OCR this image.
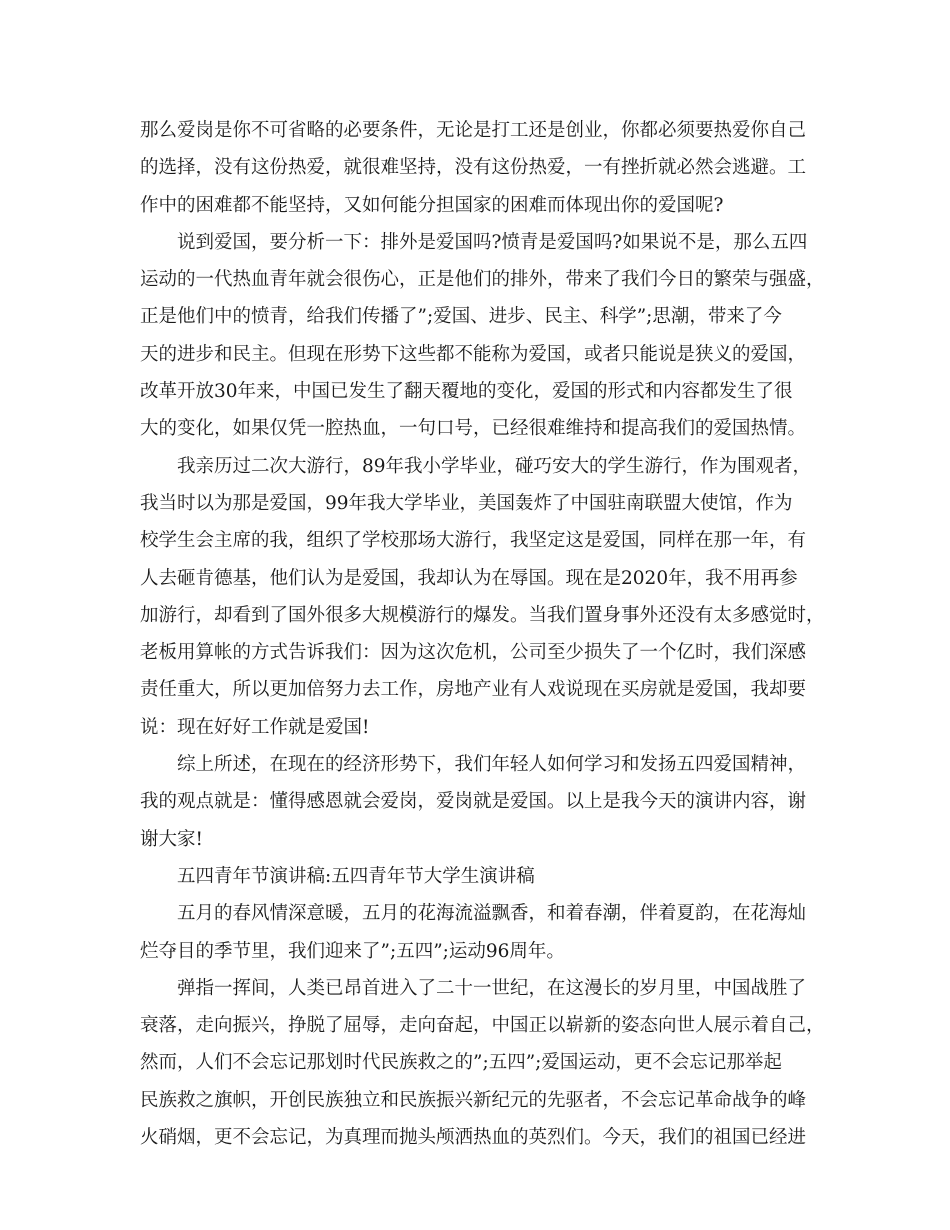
那么爱岗是你不可省略的必要条件，无论是打工还是创业，你都必须要热爱你自己
的选择，没有这份热爱，就很难坚持，没有这份热爱，一有挫折就必然会逃避。工
作中的困难都不能坚持，又如何能分担国家的困难而体现出你的爱国呢?
说到爱国，要分析一下：排外是爱国吗?愤青是爱国吗?如果说不是，那么五四
运动的一代热血青年就会很伤心，正是他们的排外，带来了我们今日的繁荣与强盛，
正是他们中的愤青，给我们传播了”;爱国、进步、民主、科学”;思潮，带来了今
天的进步和民主。但现在形势下这些都不能称为爱国，或者只能说是狭义的爱国，
改革开放30年来，中国已发生了翻天覆地的变化，爱国的形式和内容都发生了很
大的变化，如果仅凭一腔热血，一句口号，已经很难维持和提高我们的爱国热情。
我亲历过二次大游行，89年我小学毕业，碰巧安大的学生游行，作为围观者，
我当时以为那是爱国，99年我大学毕业，美国轰炸了中国驻南联盟大使馆，作为
校学生会主席的我，组织了学校那场大游行，我坚定这是爱国，同样在那一年，有
人去砸肯德基，他们认为是爱国，我却认为在辱国。现在是2020年，我不用再参
加游行，却看到了国外很多大规模游行的爆发。当我们置身事外还没有太多感觉时，
老板用算帐的方式告诉我们：因为这次危机，公司至少损失了一个亿时，我们深感
责任重大，所以更加倍努力去工作，房地产业有人戏说现在买房就是爱国，我却要
说：现在好好工作就是爱国!
综上所述，在现在的经济形势下，我们年轻人如何学习和发扬五四爱国精神，
我的观点就是：懂得感恩就会爱岗，爱岗就是爱国。以上是我今天的演讲内容，谢
谢大家!
五四青年节演讲稿:五四青年节大学生演讲稿
五月的春风情深意暖，五月的花海流溢飘香，和着春潮，伴着夏韵，在花海灿
烂夺目的季节里，我们迎来了”;五四”;运动96周年。
弹指一挥间，人类已昂首进入了二十一世纪，在这漫长的岁月里，中国战胜了
衰落，走向振兴，挣脱了屈辱，走向奋起，中国正以崭新的姿态向世人展示着自己，
然而，人们不会忘记那划时代民族救之的”;五四”;爱国运动，更不会忘记那举起
民族救之旗帜，开创民族独立和民族振兴新纪元的先驱者，不会忘记革命战争的峰
火硝烟，更不会忘记，为真理而抛头颅洒热血的英烈们。今天，我们的祖国已经进
